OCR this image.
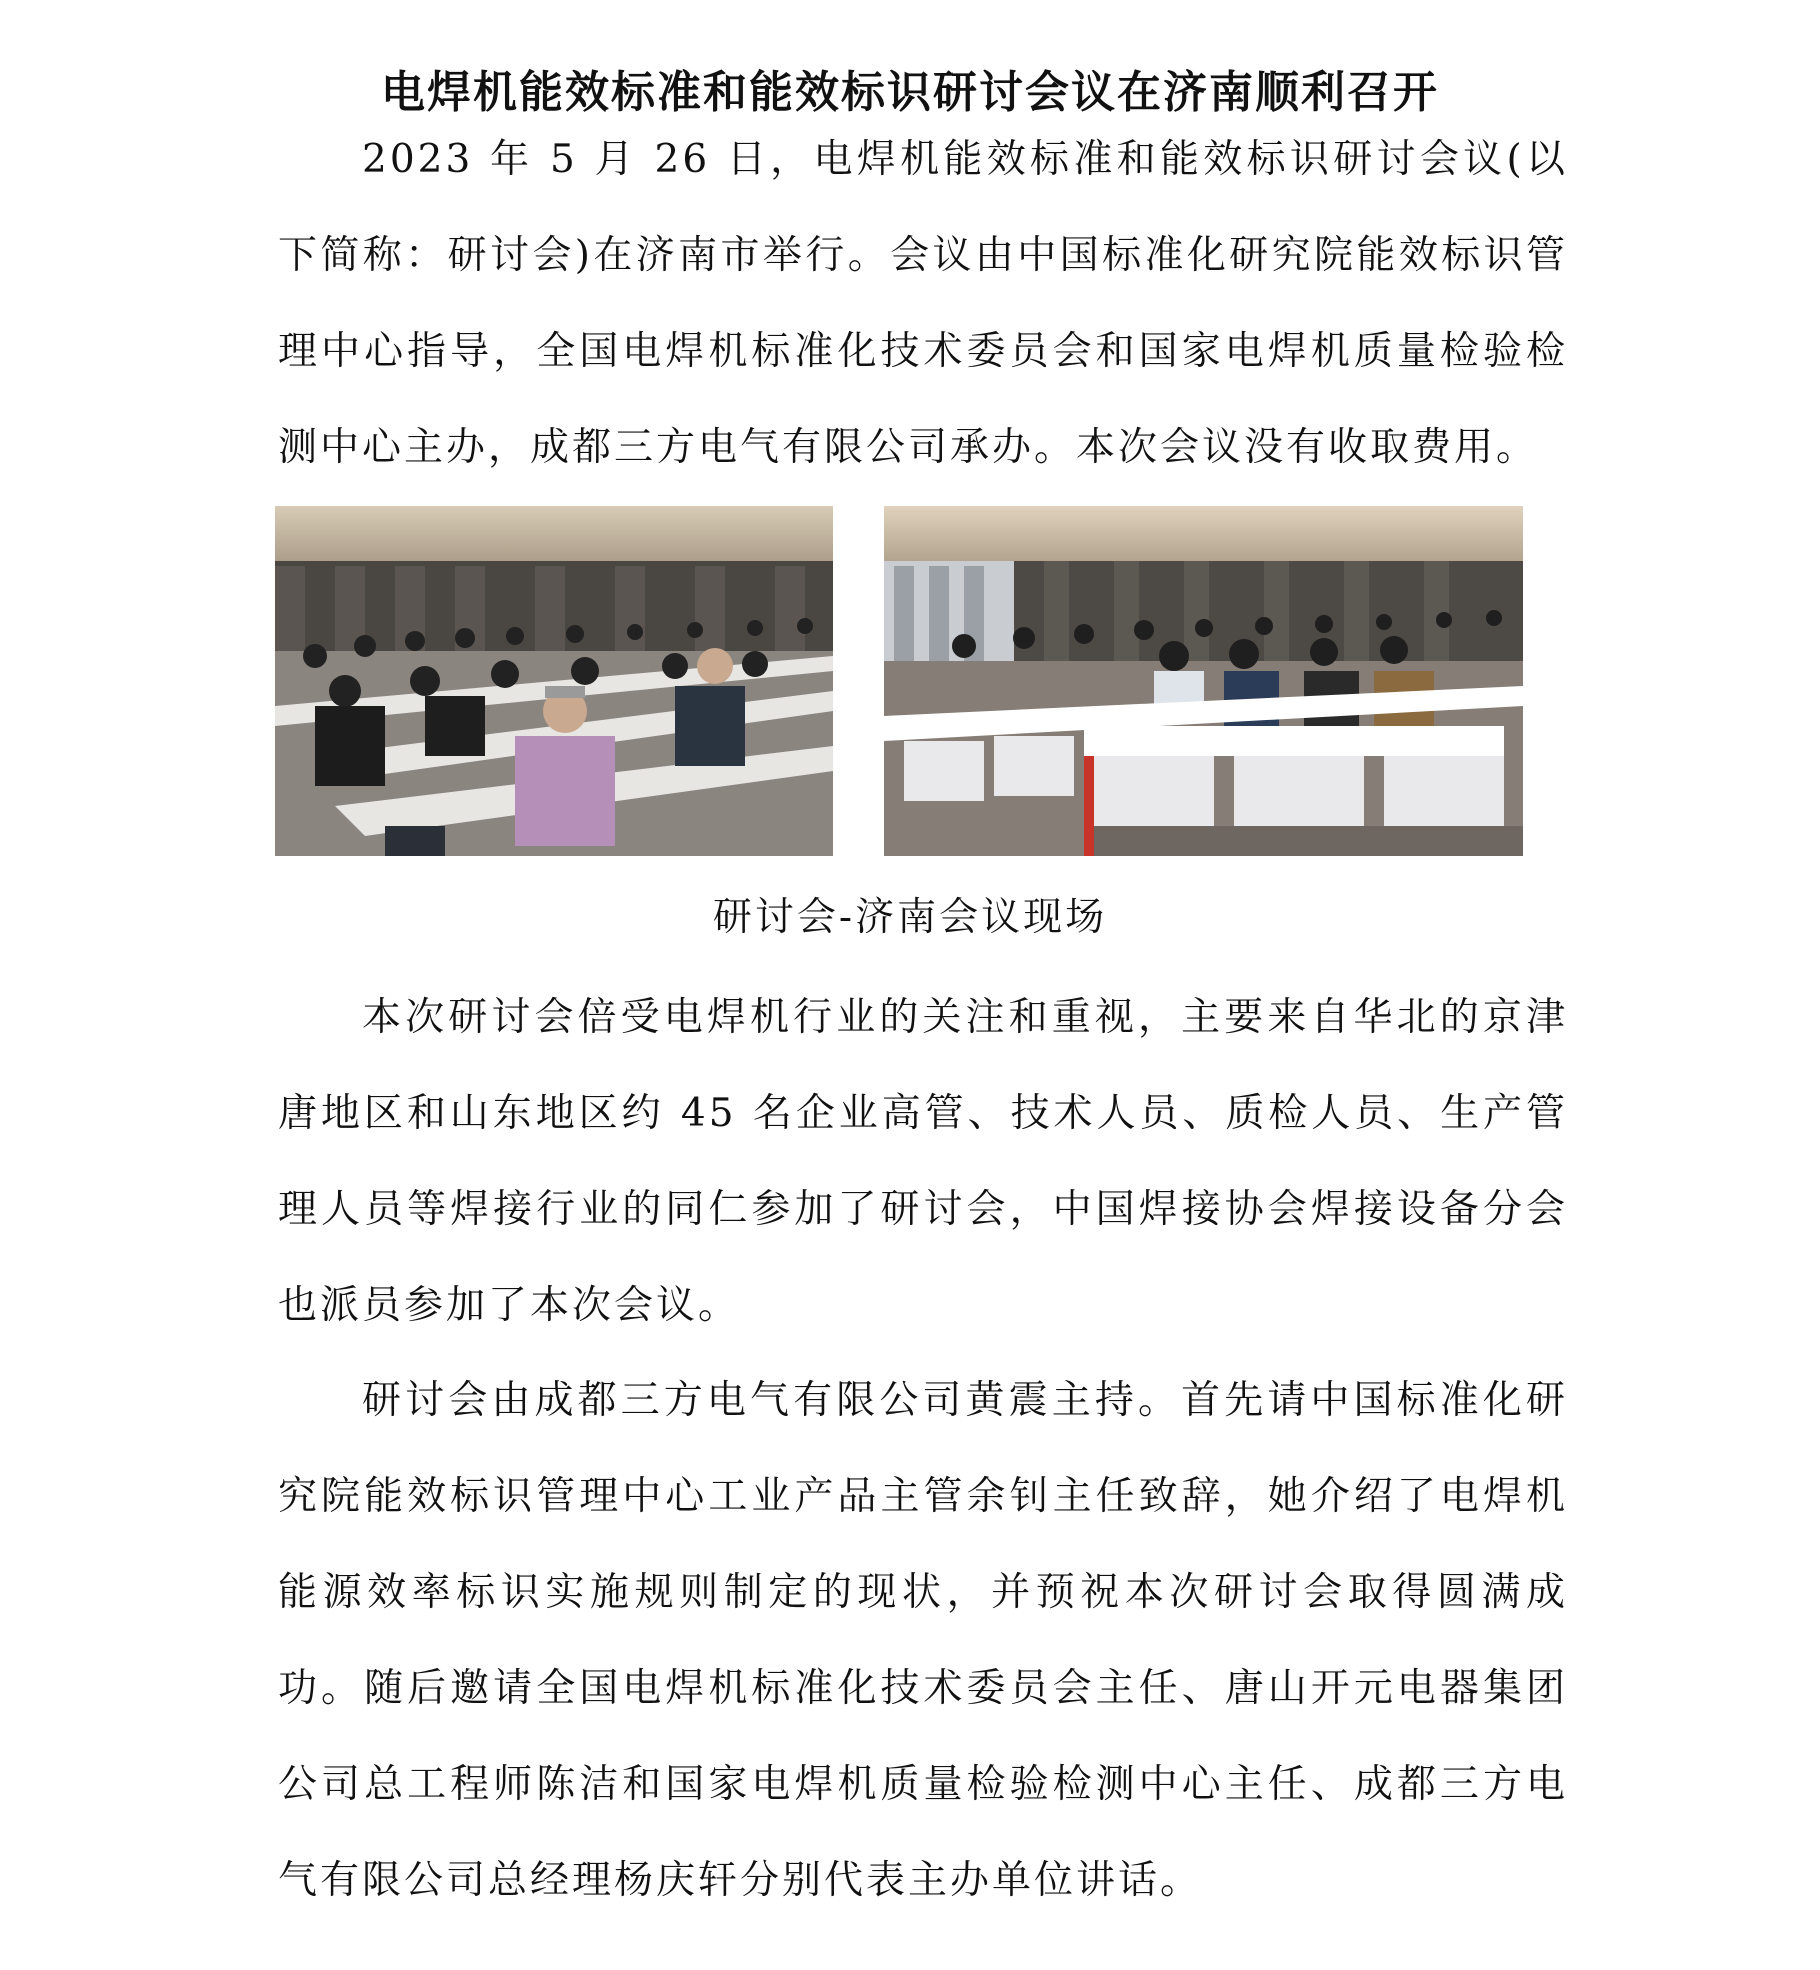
电焊机能效标准和能效标识研讨会议在济南顺利召开

2023 年 5 月 26 日，电焊机能效标准和能效标识研讨会议(以下简称：研讨会)在济南市举行。会议由中国标准化研究院能效标识管理中心指导，全国电焊机标准化技术委员会和国家电焊机质量检验检测中心主办，成都三方电气有限公司承办。本次会议没有收取费用。

研讨会-济南会议现场

本次研讨会倍受电焊机行业的关注和重视，主要来自华北的京津唐地区和山东地区约 45 名企业高管、技术人员、质检人员、生产管理人员等焊接行业的同仁参加了研讨会，中国焊接协会焊接设备分会也派员参加了本次会议。

研讨会由成都三方电气有限公司黄震主持。首先请中国标准化研究院能效标识管理中心工业产品主管余钊主任致辞，她介绍了电焊机能源效率标识实施规则制定的现状，并预祝本次研讨会取得圆满成功。随后邀请全国电焊机标准化技术委员会主任、唐山开元电器集团公司总工程师陈洁和国家电焊机质量检验检测中心主任、成都三方电气有限公司总经理杨庆轩分别代表主办单位讲话。
